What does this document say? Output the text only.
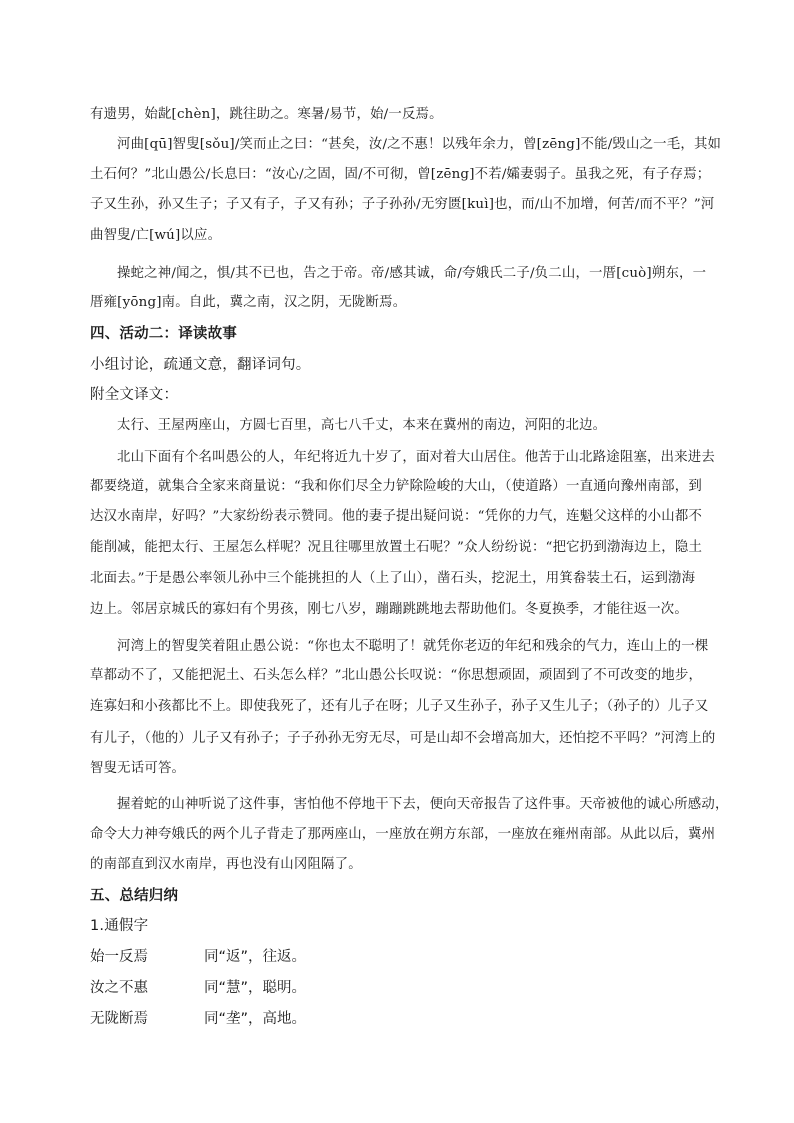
有遗男，始龀[chèn]，跳往助之。寒暑/易节，始/一反焉。
河曲[qū]智叟[sǒu]/笑而止之曰：“甚矣，汝/之不惠！以残年余力，曾[zēng]不能/毁山之一毛，其如
土石何？”北山愚公/长息曰：“汝心/之固，固/不可彻，曾[zēng]不若/孀妻弱子。虽我之死，有子存焉；
子又生孙，孙又生子；子又有子，子又有孙；子子孙孙/无穷匮[kuì]也，而/山不加增，何苦/而不平？”河
曲智叟/亡[wú]以应。
操蛇之神/闻之，惧/其不已也，告之于帝。帝/感其诚，命/夸娥氏二子/负二山，一厝[cuò]朔东，一
厝雍[yōng]南。自此，冀之南，汉之阴，无陇断焉。
四、活动二：译读故事
小组讨论，疏通文意，翻译词句。
附全文译文：
太行、王屋两座山，方圆七百里，高七八千丈，本来在冀州的南边，河阳的北边。
北山下面有个名叫愚公的人，年纪将近九十岁了，面对着大山居住。他苦于山北路途阻塞，出来进去
都要绕道，就集合全家来商量说：“我和你们尽全力铲除险峻的大山，（使道路）一直通向豫州南部，到
达汉水南岸，好吗？”大家纷纷表示赞同。他的妻子提出疑问说：“凭你的力气，连魁父这样的小山都不
能削减，能把太行、王屋怎么样呢？况且往哪里放置土石呢？”众人纷纷说：“把它扔到渤海边上，隐土
北面去。”于是愚公率领儿孙中三个能挑担的人（上了山），凿石头，挖泥土，用箕畚装土石，运到渤海
边上。邻居京城氏的寡妇有个男孩，刚七八岁，蹦蹦跳跳地去帮助他们。冬夏换季，才能往返一次。
河湾上的智叟笑着阻止愚公说：“你也太不聪明了！就凭你老迈的年纪和残余的气力，连山上的一棵
草都动不了，又能把泥土、石头怎么样？”北山愚公长叹说：“你思想顽固，顽固到了不可改变的地步，
连寡妇和小孩都比不上。即使我死了，还有儿子在呀；儿子又生孙子，孙子又生儿子；（孙子的）儿子又
有儿子，（他的）儿子又有孙子；子子孙孙无穷无尽，可是山却不会增高加大，还怕挖不平吗？”河湾上的
智叟无话可答。
握着蛇的山神听说了这件事，害怕他不停地干下去，便向天帝报告了这件事。天帝被他的诚心所感动，
命令大力神夸娥氏的两个儿子背走了那两座山，一座放在朔方东部，一座放在雍州南部。从此以后，冀州
的南部直到汉水南岸，再也没有山冈阻隔了。
五、总结归纳
1.通假字
始一反焉	同“返”，往返。
汝之不惠	同“慧”，聪明。
无陇断焉	同“垄”，高地。
